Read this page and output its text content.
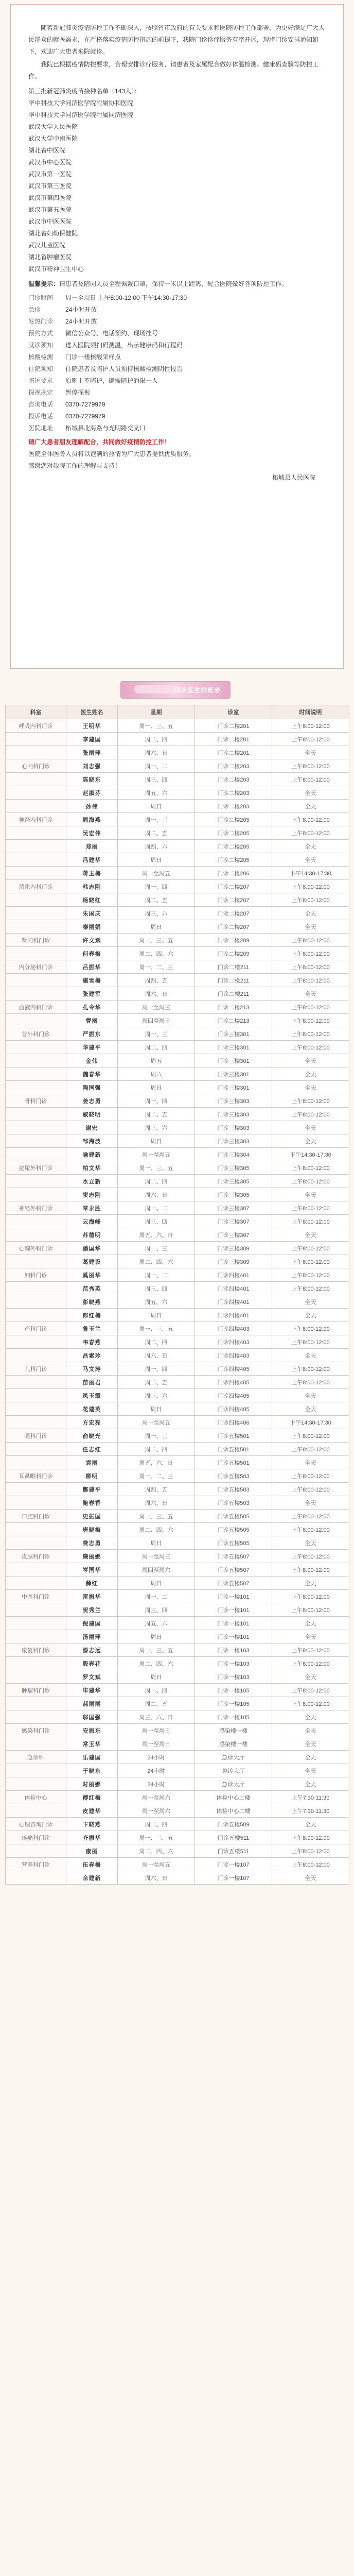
随着新冠肺炎疫情防控工作不断深入，按照省市政府的有关要求和医院防控工作部署，为更好满足广大人民群众的就医需求，在严格落实疫情防控措施的前提下，我院门诊诊疗服务有序开展，现将门诊安排通知如下，欢迎广大患者来院就诊。

我院已根据疫情防控要求，合理安排诊疗服务，请患者及家属配合做好体温检测、健康码查验等防控工作。

第三批新冠肺炎疫苗接种名单（143人）：
华中科技大学同济医学院附属协和医院
华中科技大学同济医学院附属同济医院
武汉大学人民医院
武汉大学中南医院
湖北省中医院
武汉市中心医院
武汉市第一医院
武汉市第三医院
武汉市第四医院
武汉市第五医院
武汉市中医医院
湖北省妇幼保健院
武汉儿童医院
湖北省肿瘤医院
武汉市精神卫生中心
温馨提示：请患者及陪同人员全程佩戴口罩，保持一米以上距离，配合医院做好各项防控工作。
门诊时间 周一至周日 上午8:00-12:00 下午14:30-17:30
急诊	24小时开放
发热门诊 24小时开放
预约方式 微信公众号、电话预约、现场挂号
就诊须知 进入医院须扫码测温，出示健康码和行程码
核酸检测 门诊一楼核酸采样点
住院须知 住院患者及陪护人员须持核酸检测阴性报告
陪护要求 原则上不陪护，确需陪护的限一人
探视规定 暂停探视
咨询电话 0370-7279979
投诉电话 0370-7279979
医院地址 柘城县北海路与光明路交叉口
请广大患者朋友理解配合，共同做好疫情防控工作！
医院全体医务人员将以饱满的热情为广大患者提供优质服务。
感谢您对我院工作的理解与支持！
柘城县人民医院
门诊医生排班表
科室	医生姓名	星期	诊室	时间说明
呼吸内科门诊	王明华	周一、三、五	门诊二楼201	上午8:00-12:00
	李建国	周二、四	门诊二楼201	上午8:00-12:00
	张丽萍	周六、日	门诊二楼201	全天
心内科门诊	刘志强	周一、二	门诊二楼203	上午8:00-12:00
	陈晓东	周三、四	门诊二楼203	上午8:00-12:00
	赵淑芬	周五、六	门诊二楼203	全天
	孙伟	周日	门诊二楼203	全天
神经内科门诊	周海燕	周一、三	门诊二楼205	上午8:00-12:00
	吴宏伟	周二、五	门诊二楼205	上午8:00-12:00
	郑丽	周四、六	门诊二楼205	全天
	冯建华	周日	门诊二楼205	全天
	蒋玉梅	周一至周五	门诊二楼206	下午14:30-17:30
消化内科门诊	韩志刚	周一、四	门诊二楼207	上午8:00-12:00
	杨晓红	周二、五	门诊二楼207	上午8:00-12:00
	朱国庆	周三、六	门诊二楼207	全天
	秦丽娟	周日	门诊二楼207	全天
肾内科门诊	许文斌	周一、三、五	门诊二楼209	上午8:00-12:00
	何春梅	周二、四、六	门诊二楼209	上午8:00-12:00
内分泌科门诊	吕振华	周一、二、三	门诊二楼211	上午8:00-12:00
	施雪梅	周四、五	门诊二楼211	上午8:00-12:00
	张建军	周六、日	门诊二楼211	全天
血液内科门诊	孔令华	周一至周三	门诊二楼213	上午8:00-12:00
	曹丽	周四至周日	门诊二楼213	上午8:00-12:00
普外科门诊	严振东	周一、三	门诊三楼301	上午8:00-12:00
	华建平	周二、四	门诊三楼301	上午8:00-12:00
	金伟	周五	门诊三楼301	全天
	魏春华	周六	门诊三楼301	全天
	陶国强	周日	门诊三楼301	全天
骨科门诊	姜志勇	周一、四	门诊三楼303	上午8:00-12:00
	戚晓明	周二、五	门诊三楼303	上午8:00-12:00
	谢宏	周三、六	门诊三楼303	全天
	邹海波	周日	门诊三楼303	全天
	喻建新	周一至周五	门诊三楼304	下午14:30-17:30
泌尿外科门诊	柏文华	周一、三、五	门诊三楼305	上午8:00-12:00
	水立新	周二、四	门诊三楼305	上午8:00-12:00
	窦志刚	周六、日	门诊三楼305	全天
神经外科门诊	章永胜	周一、二	门诊三楼307	上午8:00-12:00
	云海峰	周三、四	门诊三楼307	上午8:00-12:00
	苏德明	周五、六、日	门诊三楼307	全天
心胸外科门诊	潘国华	周一、三	门诊三楼309	上午8:00-12:00
	葛建设	周二、四、六	门诊三楼309	上午8:00-12:00
妇科门诊	奚丽华	周一、二	门诊四楼401	上午8:00-12:00
	范秀英	周三、四	门诊四楼401	上午8:00-12:00
	彭晓燕	周五、六	门诊四楼401	全天
	郎红梅	周日	门诊四楼401	全天
产科门诊	鲁玉兰	周一、三、五	门诊四楼403	上午8:00-12:00
	韦春燕	周二、四	门诊四楼403	上午8:00-12:00
	昌素珍	周六、日	门诊四楼403	全天
儿科门诊	马文涛	周一、四	门诊四楼405	上午8:00-12:00
	苗丽君	周二、五	门诊四楼405	上午8:00-12:00
	凤玉霞	周三、六	门诊四楼405	全天
	花建英	周日	门诊四楼405	全天
	方宏亮	周一至周五	门诊四楼406	下午14:30-17:30
眼科门诊	俞晓光	周一、三	门诊五楼501	上午8:00-12:00
	任志红	周二、四	门诊五楼501	上午8:00-12:00
	袁丽	周五、六、日	门诊五楼501	全天
耳鼻喉科门诊	柳明	周一、二、三	门诊五楼503	上午8:00-12:00
	酆建平	周四、五	门诊五楼503	上午8:00-12:00
	鲍春香	周六、日	门诊五楼503	全天
口腔科门诊	史振国	周一、三、五	门诊五楼505	上午8:00-12:00
	唐晓梅	周二、四、六	门诊五楼505	上午8:00-12:00
	费志勇	周日	门诊五楼505	全天
皮肤科门诊	廉丽娜	周一至周三	门诊五楼507	上午8:00-12:00
	岑国华	周四至周六	门诊五楼507	上午8:00-12:00
	薛红	周日	门诊五楼507	全天
中医科门诊	雷振华	周一、二	门诊一楼101	上午8:00-12:00
	贺秀兰	周三、四	门诊一楼101	上午8:00-12:00
	倪建国	周五、六	门诊一楼101	全天
	汤丽萍	周日	门诊一楼101	全天
康复科门诊	滕志远	周一、三、五	门诊一楼103	上午8:00-12:00
	殷春花	周二、四、六	门诊一楼103	上午8:00-12:00
	罗文斌	周日	门诊一楼103	全天
肿瘤科门诊	毕建华	周一、四	门诊一楼105	上午8:00-12:00
	郝丽丽	周二、五	门诊一楼105	上午8:00-12:00
	邬国强	周三、六、日	门诊一楼105	全天
感染科门诊	安振东	周一至周日	感染楼一楼	全天
	常玉华	周一至周日	感染楼一楼	全天
急诊科	乐建国	24小时	急诊大厅	全天
	于晓东	24小时	急诊大厅	全天
	时丽娜	24小时	急诊大厅	全天
体检中心	傅红梅	周一至周六	体检中心二楼	上午7:30-11:30
	皮建华	周一至周六	体检中心二楼	上午7:30-11:30
心理咨询门诊	卞晓燕	周二、四	门诊五楼509	全天
疼痛科门诊	齐振华	周一、三、五	门诊五楼511	上午8:00-12:00
	康丽	周二、四、六	门诊五楼511	上午8:00-12:00
营养科门诊	伍春梅	周一至周五	门诊一楼107	上午8:00-12:00
	余建新	周六、日	门诊一楼107	全天
